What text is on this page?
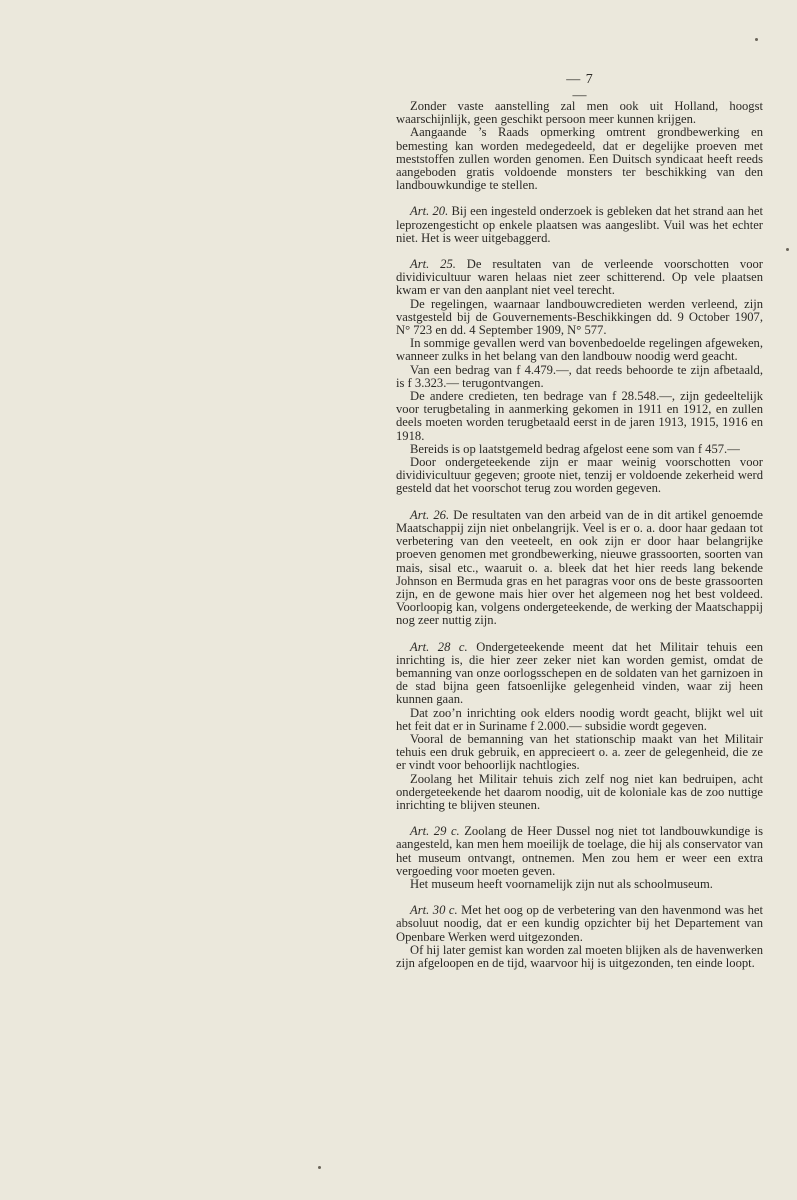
— 7 —

Zonder vaste aanstelling zal men ook uit Holland, hoogst waarschijnlijk, geen geschikt persoon meer kunnen krijgen.

Aangaande ’s Raads opmerking omtrent grondbewerking en bemesting kan worden medegedeeld, dat er degelijke proeven met meststoffen zullen worden genomen. Een Duitsch syndicaat heeft reeds aangeboden gratis voldoende monsters ter beschikking van den landbouwkundige te stellen.

Art. 20. Bij een ingesteld onderzoek is gebleken dat het strand aan het leprozengesticht op enkele plaatsen was aangeslibt. Vuil was het echter niet. Het is weer uitgebaggerd.

Art. 25. De resultaten van de verleende voorschotten voor dividivicultuur waren helaas niet zeer schitterend. Op vele plaatsen kwam er van den aanplant niet veel terecht.

De regelingen, waarnaar landbouwcredieten werden verleend, zijn vastgesteld bij de Gouvernements-Beschikkingen dd. 9 October 1907, N° 723 en dd. 4 September 1909, N° 577.

In sommige gevallen werd van bovenbedoelde regelingen afgeweken, wanneer zulks in het belang van den landbouw noodig werd geacht.

Van een bedrag van f 4.479.—, dat reeds behoorde te zijn afbetaald, is f 3.323.— terugontvangen.

De andere credieten, ten bedrage van f 28.548.—, zijn gedeeltelijk voor terugbetaling in aanmerking gekomen in 1911 en 1912, en zullen deels moeten worden terugbetaald eerst in de jaren 1913, 1915, 1916 en 1918.

Bereids is op laatstgemeld bedrag afgelost eene som van f 457.—

Door ondergeteekende zijn er maar weinig voorschotten voor dividivicultuur gegeven; groote niet, tenzij er voldoende zekerheid werd gesteld dat het voorschot terug zou worden gegeven.

Art. 26. De resultaten van den arbeid van de in dit artikel genoemde Maatschappij zijn niet onbelangrijk. Veel is er o. a. door haar gedaan tot verbetering van den veeteelt, en ook zijn er door haar belangrijke proeven genomen met grondbewerking, nieuwe grassoorten, soorten van mais, sisal etc., waaruit o. a. bleek dat het hier reeds lang bekende Johnson en Bermuda gras en het paragras voor ons de beste grassoorten zijn, en de gewone mais hier over het algemeen nog het best voldeed. Voorloopig kan, volgens ondergeteekende, de werking der Maatschappij nog zeer nuttig zijn.

Art. 28 c. Ondergeteekende meent dat het Militair tehuis een inrichting is, die hier zeer zeker niet kan worden gemist, omdat de bemanning van onze oorlogsschepen en de soldaten van het garnizoen in de stad bijna geen fatsoenlijke gelegenheid vinden, waar zij heen kunnen gaan.

Dat zoo’n inrichting ook elders noodig wordt geacht, blijkt wel uit het feit dat er in Suriname f 2.000.— subsidie wordt gegeven.

Vooral de bemanning van het stationschip maakt van het Militair tehuis een druk gebruik, en apprecieert o. a. zeer de gelegenheid, die ze er vindt voor behoorlijk nachtlogies.

Zoolang het Militair tehuis zich zelf nog niet kan bedruipen, acht ondergeteekende het daarom noodig, uit de koloniale kas de zoo nuttige inrichting te blijven steunen.

Art. 29 c. Zoolang de Heer Dussel nog niet tot landbouwkundige is aangesteld, kan men hem moeilijk de toelage, die hij als conservator van het museum ontvangt, ontnemen. Men zou hem er weer een extra vergoeding voor moeten geven.

Het museum heeft voornamelijk zijn nut als schoolmuseum.

Art. 30 c. Met het oog op de verbetering van den havenmond was het absoluut noodig, dat er een kundig opzichter bij het Departement van Openbare Werken werd uitgezonden.

Of hij later gemist kan worden zal moeten blijken als de havenwerken zijn afgeloopen en de tijd, waarvoor hij is uitgezonden, ten einde loopt.
